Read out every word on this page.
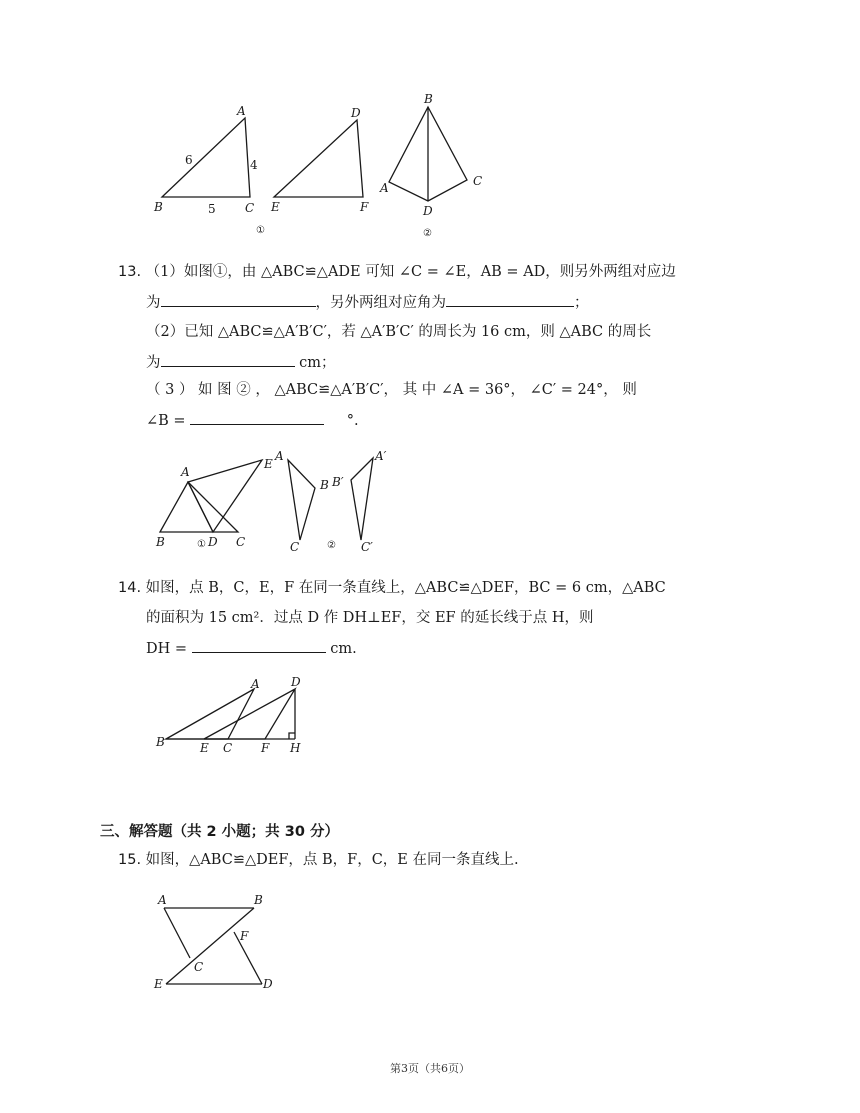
A
B	C
6	4
5
D
E	F
①
B
C
A
D
②
13. （1）如图①，由 △ABC≌△ADE 可知 ∠C = ∠E，AB = AD，则另外两组对应边
为	，另外两组对应角为	；
（2）已知 △ABC≌△A′B′C′，若 △A′B′C′ 的周长为 16 cm，则 △ABC 的周长
为	cm；
（ 3 ） 如 图 ② ， △ABC≌△A′B′C′， 其 中 ∠A = 36°， ∠C′ = 24°， 则
∠B =	°.
A
E
B	D C
①
A
B
C
A′
B′
C′
②
14. 如图，点 B，C，E，F 在同一条直线上，△ABC≌△DEF，BC = 6 cm，△ABC
的面积为 15 cm²．过点 D 作 DH⊥EF，交 EF 的延长线于点 H，则
DH =	cm.
A	D
B	E C F H
三、解答题（共 2 小题；共 30 分）
15. 如图，△ABC≌△DEF，点 B，F，C，E 在同一条直线上.
A	B
F
C
E	D
第3页（共6页）
